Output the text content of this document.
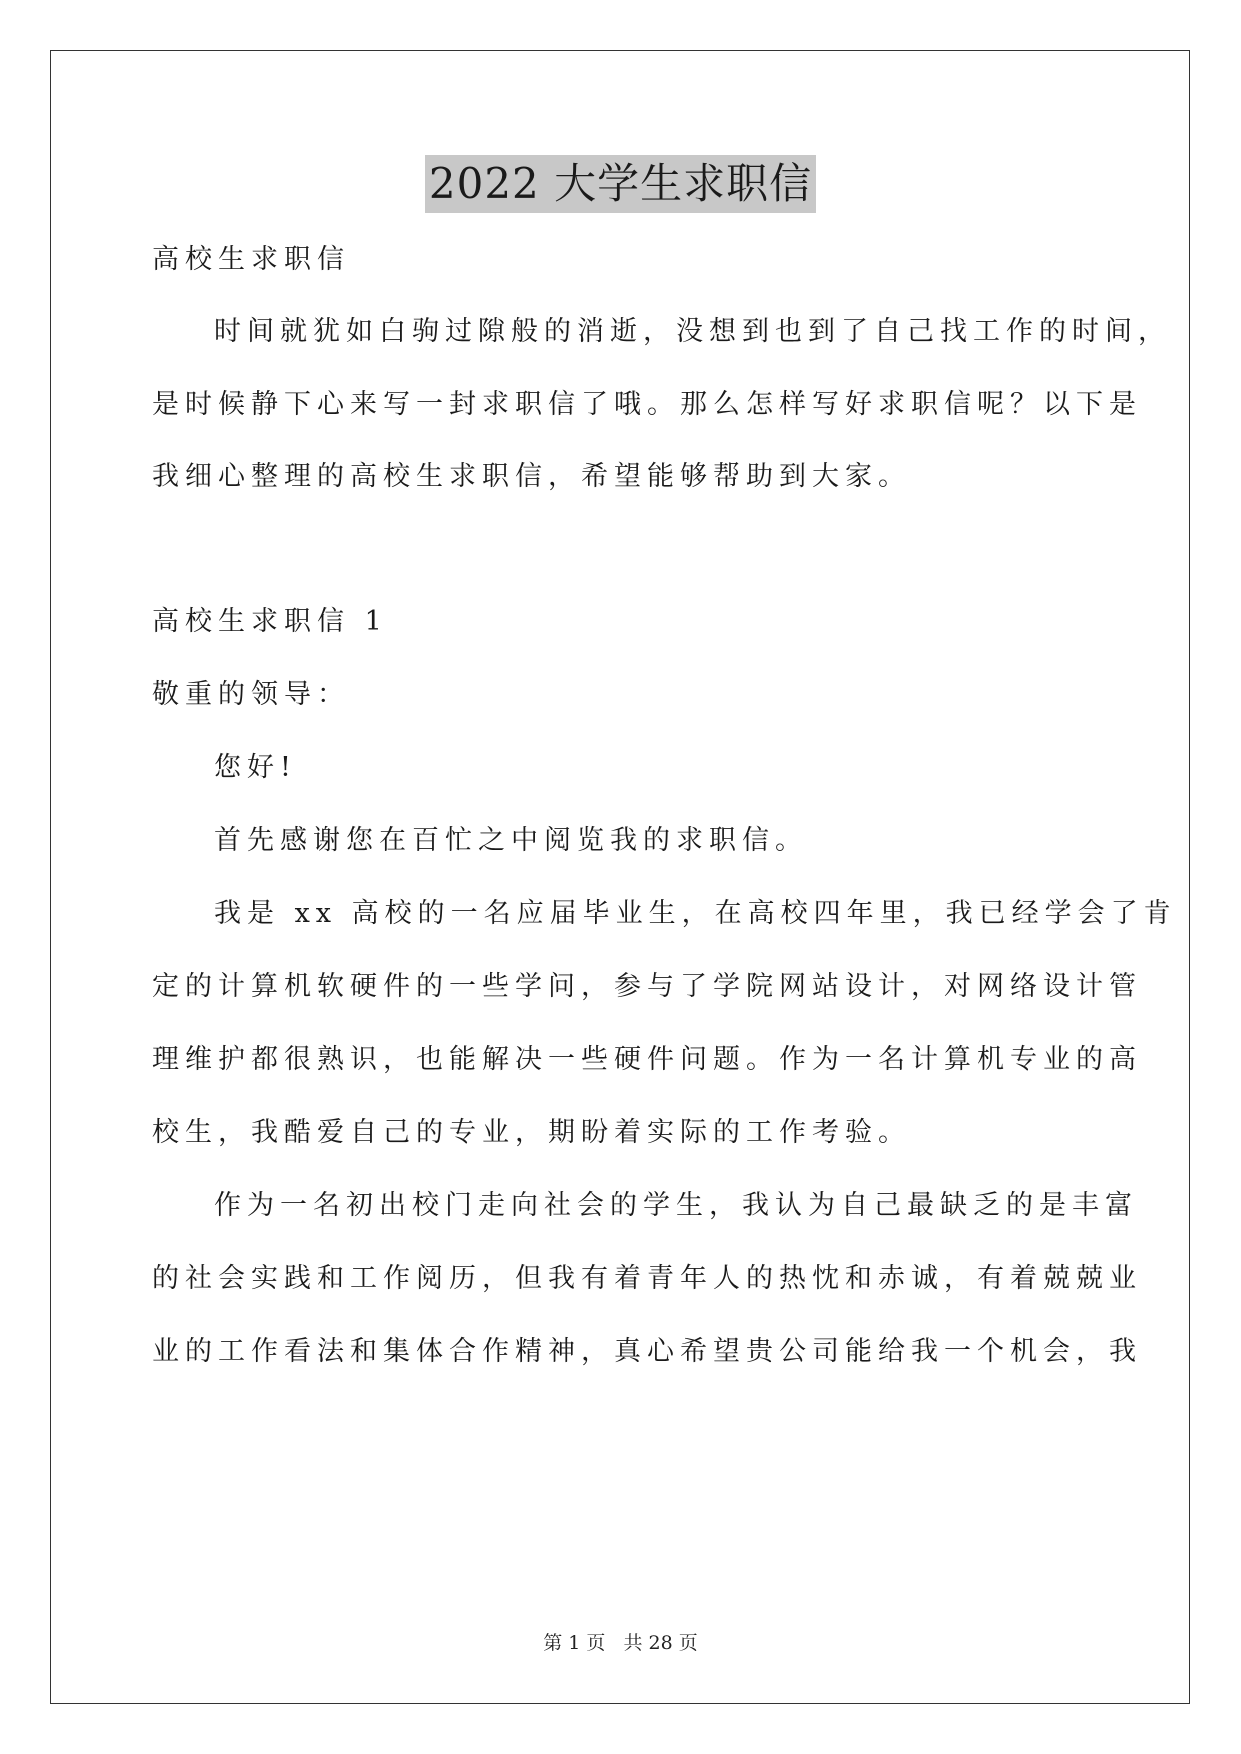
2022 大学生求职信
高校生求职信
时间就犹如白驹过隙般的消逝，没想到也到了自己找工作的时间，
是时候静下心来写一封求职信了哦。那么怎样写好求职信呢？以下是
我细心整理的高校生求职信，希望能够帮助到大家。
高校生求职信 1
敬重的领导：
您好!
首先感谢您在百忙之中阅览我的求职信。
我是 xx 高校的一名应届毕业生，在高校四年里，我已经学会了肯
定的计算机软硬件的一些学问，参与了学院网站设计，对网络设计管
理维护都很熟识，也能解决一些硬件问题。作为一名计算机专业的高
校生，我酷爱自己的专业，期盼着实际的工作考验。
作为一名初出校门走向社会的学生，我认为自己最缺乏的是丰富
的社会实践和工作阅历，但我有着青年人的热忱和赤诚，有着兢兢业
业的工作看法和集体合作精神，真心希望贵公司能给我一个机会，我
第 1 页 共 28 页
